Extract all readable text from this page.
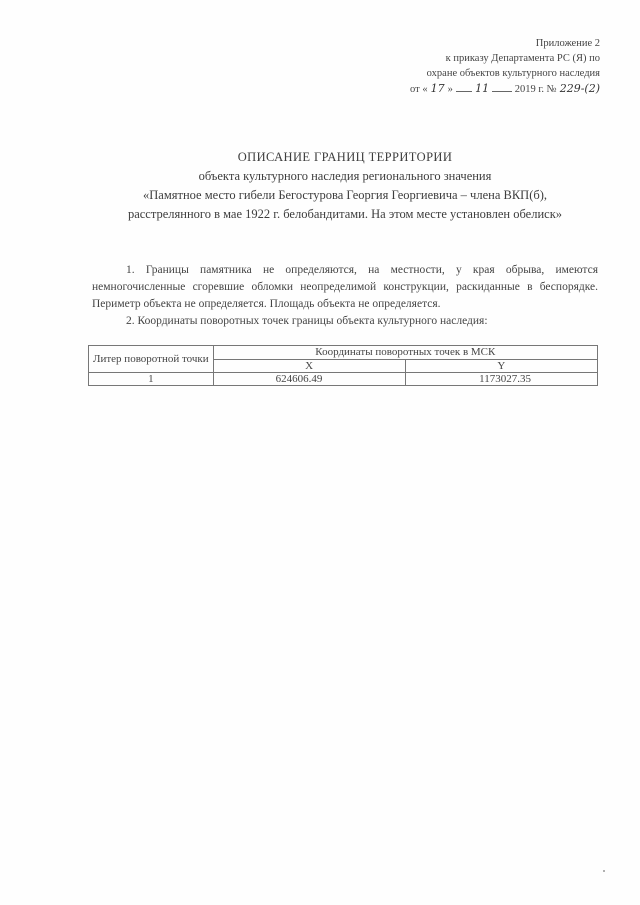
Приложение 2
к приказу Департамента РС (Я) по
охране объектов культурного наследия
от « 17 » 11 2019 г. № 229-(2)
ОПИСАНИЕ ГРАНИЦ ТЕРРИТОРИИ
объекта культурного наследия регионального значения
«Памятное место гибели Бегостурова Георгия Георгиевича – члена ВКП(б),
расстрелянного в мае 1922 г. белобандитами. На этом месте установлен обелиск»

1. Границы памятника не определяются, на местности, у края обрыва, имеются немногочисленные сгоревшие обломки неопределимой конструкции, раскиданные в беспорядке. Периметр объекта не определяется. Площадь объекта не определяется.

2. Координаты поворотных точек границы объекта культурного наследия:

Литер поворотной точки	Координаты поворотных точек в МСК	
	X	Y
1	624606.49	1173027.35
